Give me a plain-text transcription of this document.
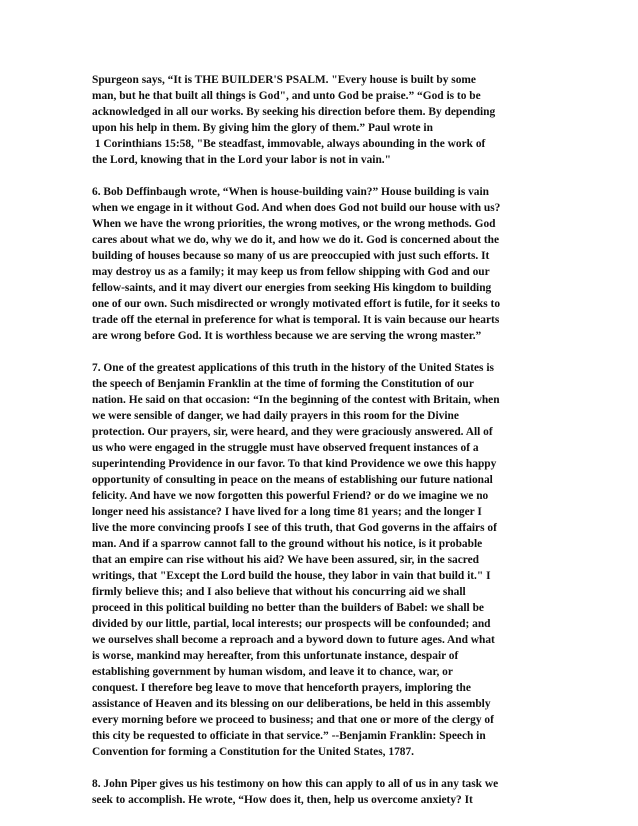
Spurgeon says, “It is THE BUILDER'S PSALM. "Every house is built by some
man, but he that built all things is God", and unto God be praise.” “God is to be
acknowledged in all our works. By seeking his direction before them. By depending
upon his help in them. By giving him the glory of them.” Paul wrote in
1 Corinthians 15:58, "Be steadfast, immovable, always abounding in the work of
the Lord, knowing that in the Lord your labor is not in vain."
6. Bob Deffinbaugh wrote, “When is house-building vain?” House building is vain
when we engage in it without God. And when does God not build our house with us?
When we have the wrong priorities, the wrong motives, or the wrong methods. God
cares about what we do, why we do it, and how we do it. God is concerned about the
building of houses because so many of us are preoccupied with just such efforts. It
may destroy us as a family; it may keep us from fellow shipping with God and our
fellow-saints, and it may divert our energies from seeking His kingdom to building
one of our own. Such misdirected or wrongly motivated effort is futile, for it seeks to
trade off the eternal in preference for what is temporal. It is vain because our hearts
are wrong before God. It is worthless because we are serving the wrong master.”
7. One of the greatest applications of this truth in the history of the United States is
the speech of Benjamin Franklin at the time of forming the Constitution of our
nation. He said on that occasion: “In the beginning of the contest with Britain, when
we were sensible of danger, we had daily prayers in this room for the Divine
protection. Our prayers, sir, were heard, and they were graciously answered. All of
us who were engaged in the struggle must have observed frequent instances of a
superintending Providence in our favor. To that kind Providence we owe this happy
opportunity of consulting in peace on the means of establishing our future national
felicity. And have we now forgotten this powerful Friend? or do we imagine we no
longer need his assistance? I have lived for a long time 81 years; and the longer I
live the more convincing proofs I see of this truth, that God governs in the affairs of
man. And if a sparrow cannot fall to the ground without his notice, is it probable
that an empire can rise without his aid? We have been assured, sir, in the sacred
writings, that "Except the Lord build the house, they labor in vain that build it." I
firmly believe this; and I also believe that without his concurring aid we shall
proceed in this political building no better than the builders of Babel: we shall be
divided by our little, partial, local interests; our prospects will be confounded; and
we ourselves shall become a reproach and a byword down to future ages. And what
is worse, mankind may hereafter, from this unfortunate instance, despair of
establishing government by human wisdom, and leave it to chance, war, or
conquest. I therefore beg leave to move that henceforth prayers, imploring the
assistance of Heaven and its blessing on our deliberations, be held in this assembly
every morning before we proceed to business; and that one or more of the clergy of
this city be requested to officiate in that service.” --Benjamin Franklin: Speech in
Convention for forming a Constitution for the United States, 1787.
8. John Piper gives us his testimony on how this can apply to all of us in any task we
seek to accomplish. He wrote, “How does it, then, help us overcome anxiety? It
